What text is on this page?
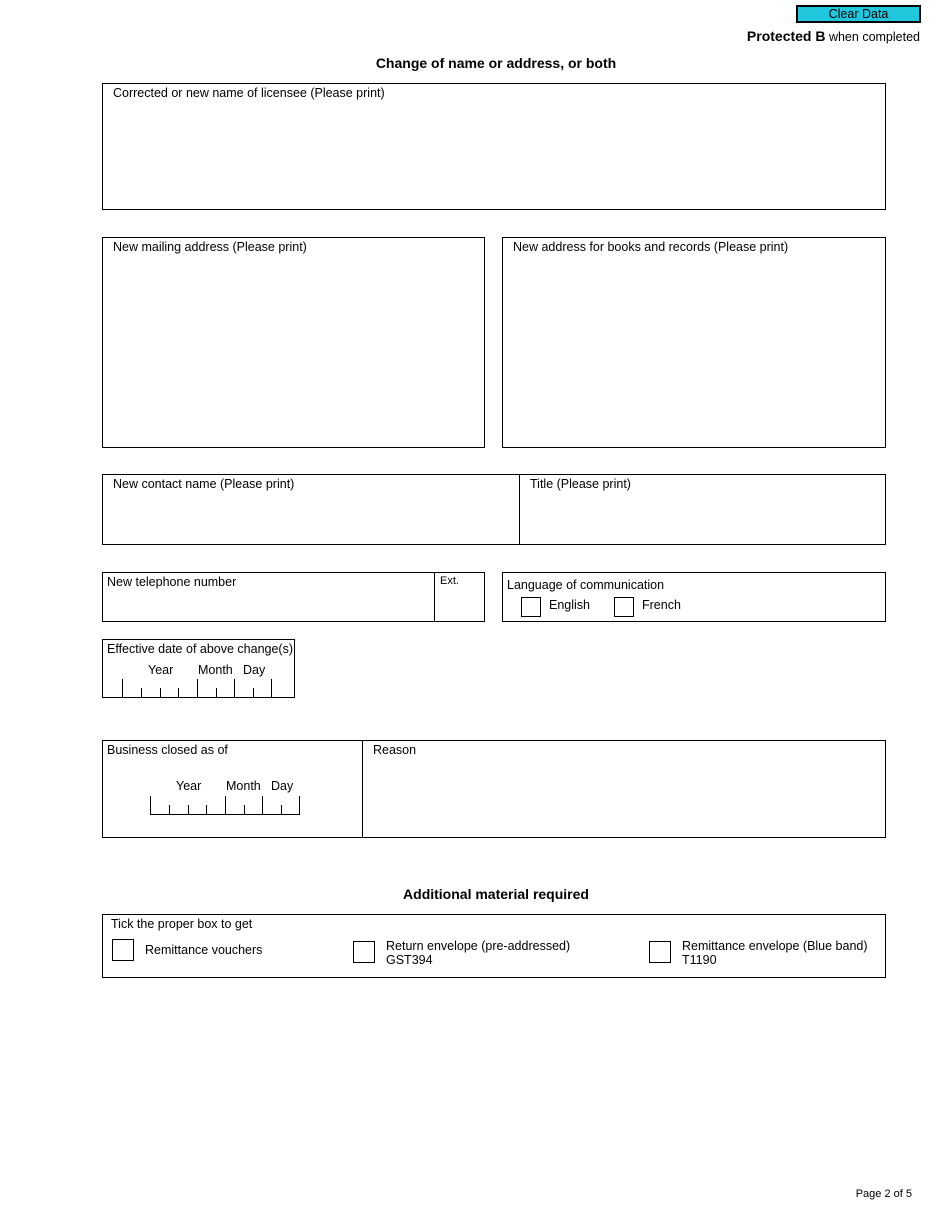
Clear Data
Protected B when completed
Change of name or address, or both
Corrected or new name of licensee (Please print)
New mailing address (Please print)	New address for books and records (Please print)
New contact name (Please print)	Title (Please print)
New telephone number	Ext.	Language of communication
English	French
Effective date of above change(s)
Year Month Day
Business closed as of
Year Month Day
Reason
Additional material required
Tick the proper box to get
Remittance vouchers	Return envelope (pre-addressed)
GST394
Remittance envelope (Blue band)
T1190
Page 2 of 5
